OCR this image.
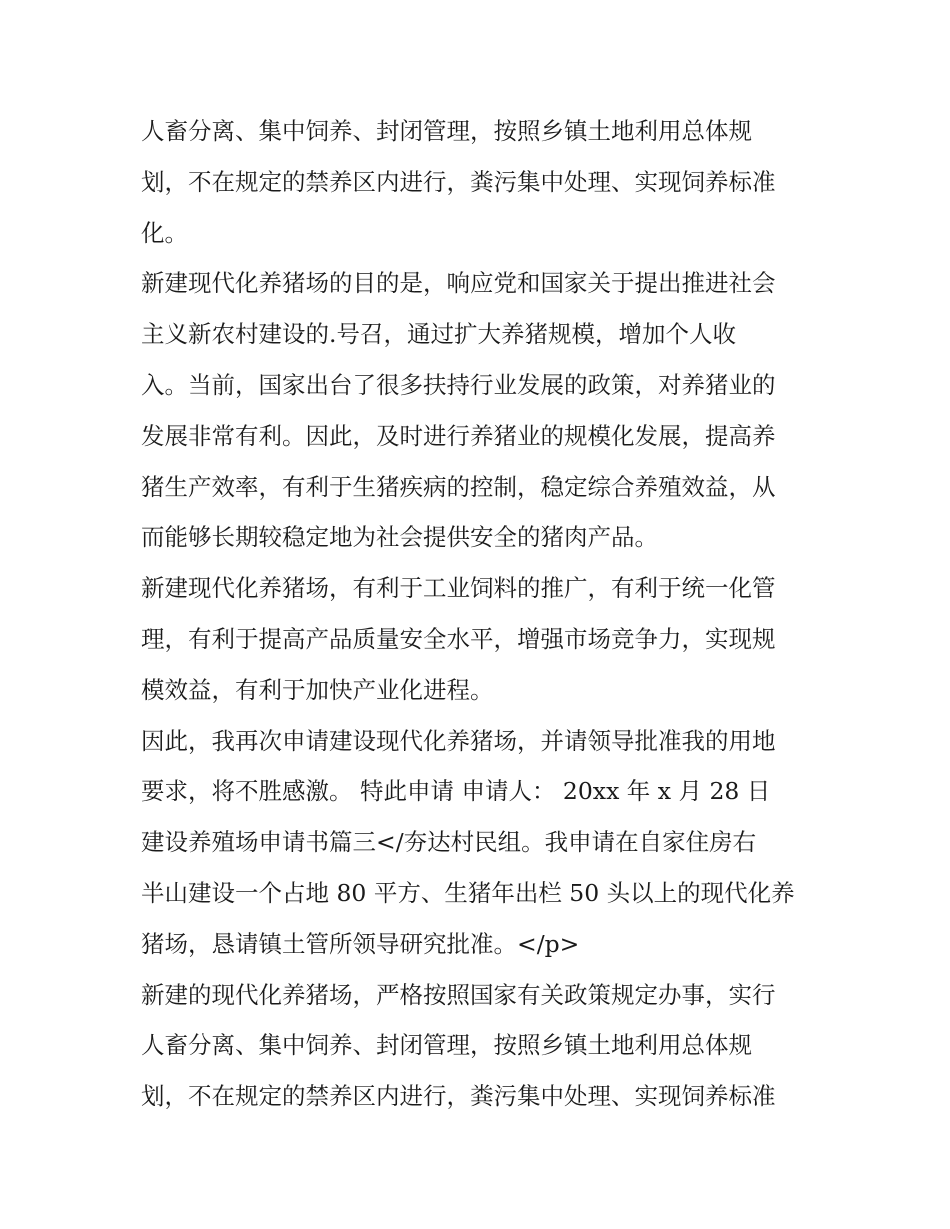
人畜分离、集中饲养、封闭管理，按照乡镇土地利用总体规
划，不在规定的禁养区内进行，粪污集中处理、实现饲养标准
化。
新建现代化养猪场的目的是，响应党和国家关于提出推进社会
主义新农村建设的.号召，通过扩大养猪规模，增加个人收
入。当前，国家出台了很多扶持行业发展的政策，对养猪业的
发展非常有利。因此，及时进行养猪业的规模化发展，提高养
猪生产效率，有利于生猪疾病的控制，稳定综合养殖效益，从
而能够长期较稳定地为社会提供安全的猪肉产品。
新建现代化养猪场，有利于工业饲料的推广，有利于统一化管
理，有利于提高产品质量安全水平，增强市场竞争力，实现规
模效益，有利于加快产业化进程。
因此，我再次申请建设现代化养猪场，并请领导批准我的用地
要求，将不胜感激。 特此申请 申请人： 20xx 年 x 月 28 日
建设养殖场申请书篇三</夯达村民组。我申请在自家住房右
半山建设一个占地 80 平方、生猪年出栏 50 头以上的现代化养
猪场，恳请镇土管所领导研究批准。</p>
新建的现代化养猪场，严格按照国家有关政策规定办事，实行
人畜分离、集中饲养、封闭管理，按照乡镇土地利用总体规
划，不在规定的禁养区内进行，粪污集中处理、实现饲养标准
